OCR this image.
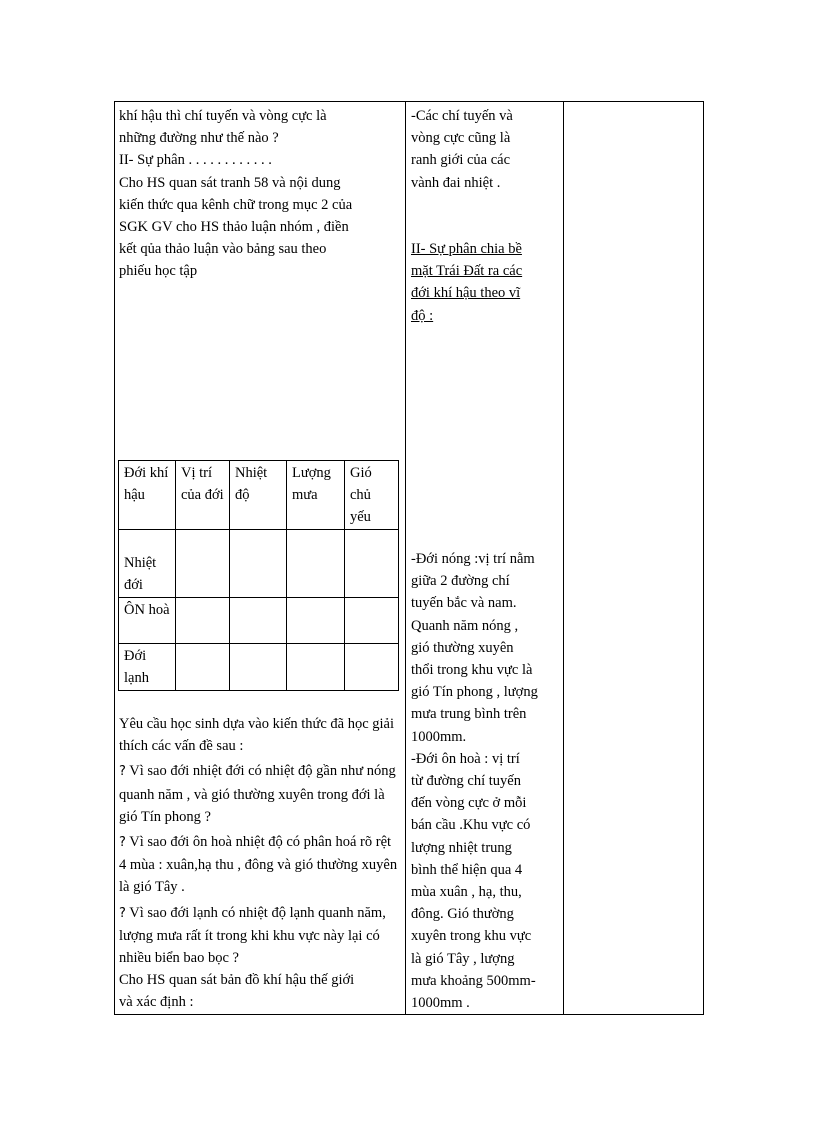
khí hậu thì chí tuyến và vòng cực là

những đường như thế nào ?

II- Sự phân . . . . . . . . . . . .

Cho HS quan sát tranh 58 và nội dung

kiến thức qua kênh chữ trong mục 2 của

SGK GV cho HS thảo luận nhóm , điền

kết qủa thảo luận vào bảng sau theo

phiếu học tập

Đới khí hậu	Vị trí của đới	Nhiệt độ	Lượng mưa	Gió chủ yếu
Nhiệt đới				
ÔN hoà				
Đới lạnh				

Yêu cầu học sinh dựa vào kiến thức đã học giải thích các vấn đề sau :

? Vì sao đới nhiệt đới có nhiệt độ gần như nóng quanh năm , và gió thường xuyên trong đới là gió Tín phong ?

? Vì sao đới ôn hoà nhiệt độ có phân hoá rõ rệt 4 mùa : xuân,hạ thu , đông và gió thường xuyên là gió Tây .

? Vì sao đới lạnh có nhiệt độ lạnh quanh năm, lượng mưa rất ít trong khi khu vực này lại có nhiều biển bao bọc ?

Cho HS quan sát bản đồ khí hậu thế giới

và xác định :

-Các chí tuyến và

vòng cực cũng là

ranh giới của các

vành đai nhiệt .

II- Sự phân chia bề

mặt Trái Đất ra các

đới khí hậu theo vĩ

độ :

-Đới nóng :vị trí nằm

giữa 2 đường chí

tuyến bắc và nam.

Quanh năm nóng ,

gió thường xuyên

thổi trong khu vực là

gió Tín phong , lượng

mưa trung bình trên

1000mm.

-Đới ôn hoà : vị trí

từ đường chí tuyến

đến vòng cực ở mỗi

bán cầu .Khu vực có

lượng nhiệt trung

bình thể hiện qua 4

mùa xuân , hạ, thu,

đông. Gió thường

xuyên trong khu vực

là gió Tây , lượng

mưa khoảng 500mm-

1000mm .
